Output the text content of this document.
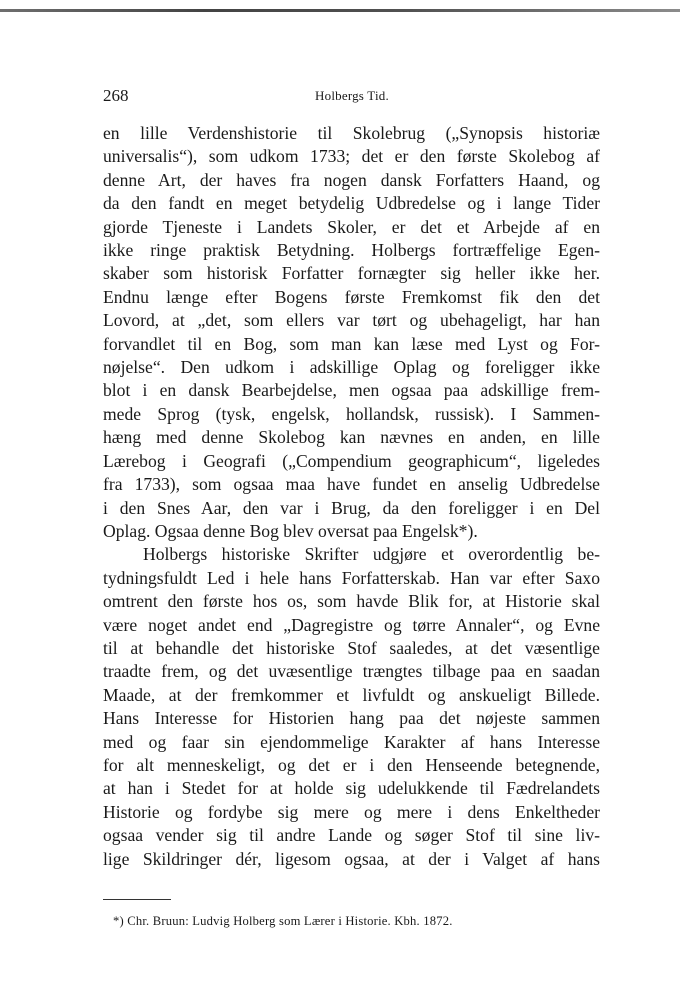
268	Holbergs Tid.
en lille Verdenshistorie til Skolebrug („Synopsis historiæ
universalis“), som udkom 1733; det er den første Skolebog af
denne Art, der haves fra nogen dansk Forfatters Haand, og
da den fandt en meget betydelig Udbredelse og i lange Tider
gjorde Tjeneste i Landets Skoler, er det et Arbejde af en
ikke ringe praktisk Betydning. Holbergs fortræffelige Egen-
skaber som historisk Forfatter fornægter sig heller ikke her.
Endnu længe efter Bogens første Fremkomst fik den det
Lovord, at „det, som ellers var tørt og ubehageligt, har han
forvandlet til en Bog, som man kan læse med Lyst og For-
nøjelse“. Den udkom i adskillige Oplag og foreligger ikke
blot i en dansk Bearbejdelse, men ogsaa paa adskillige frem-
mede Sprog (tysk, engelsk, hollandsk, russisk). I Sammen-
hæng med denne Skolebog kan nævnes en anden, en lille
Lærebog i Geografi („Compendium geographicum“, ligeledes
fra 1733), som ogsaa maa have fundet en anselig Udbredelse
i den Snes Aar, den var i Brug, da den foreligger i en Del
Oplag. Ogsaa denne Bog blev oversat paa Engelsk*).
Holbergs historiske Skrifter udgjøre et overordentlig be-
tydningsfuldt Led i hele hans Forfatterskab. Han var efter Saxo
omtrent den første hos os, som havde Blik for, at Historie skal
være noget andet end „Dagregistre og tørre Annaler“, og Evne
til at behandle det historiske Stof saaledes, at det væsentlige
traadte frem, og det uvæsentlige trængtes tilbage paa en saadan
Maade, at der fremkommer et livfuldt og anskueligt Billede.
Hans Interesse for Historien hang paa det nøjeste sammen
med og faar sin ejendommelige Karakter af hans Interesse
for alt menneskeligt, og det er i den Henseende betegnende,
at han i Stedet for at holde sig udelukkende til Fædrelandets
Historie og fordybe sig mere og mere i dens Enkeltheder
ogsaa vender sig til andre Lande og søger Stof til sine liv-
lige Skildringer dér, ligesom ogsaa, at der i Valget af hans
*) Chr. Bruun: Ludvig Holberg som Lærer i Historie. Kbh. 1872.
